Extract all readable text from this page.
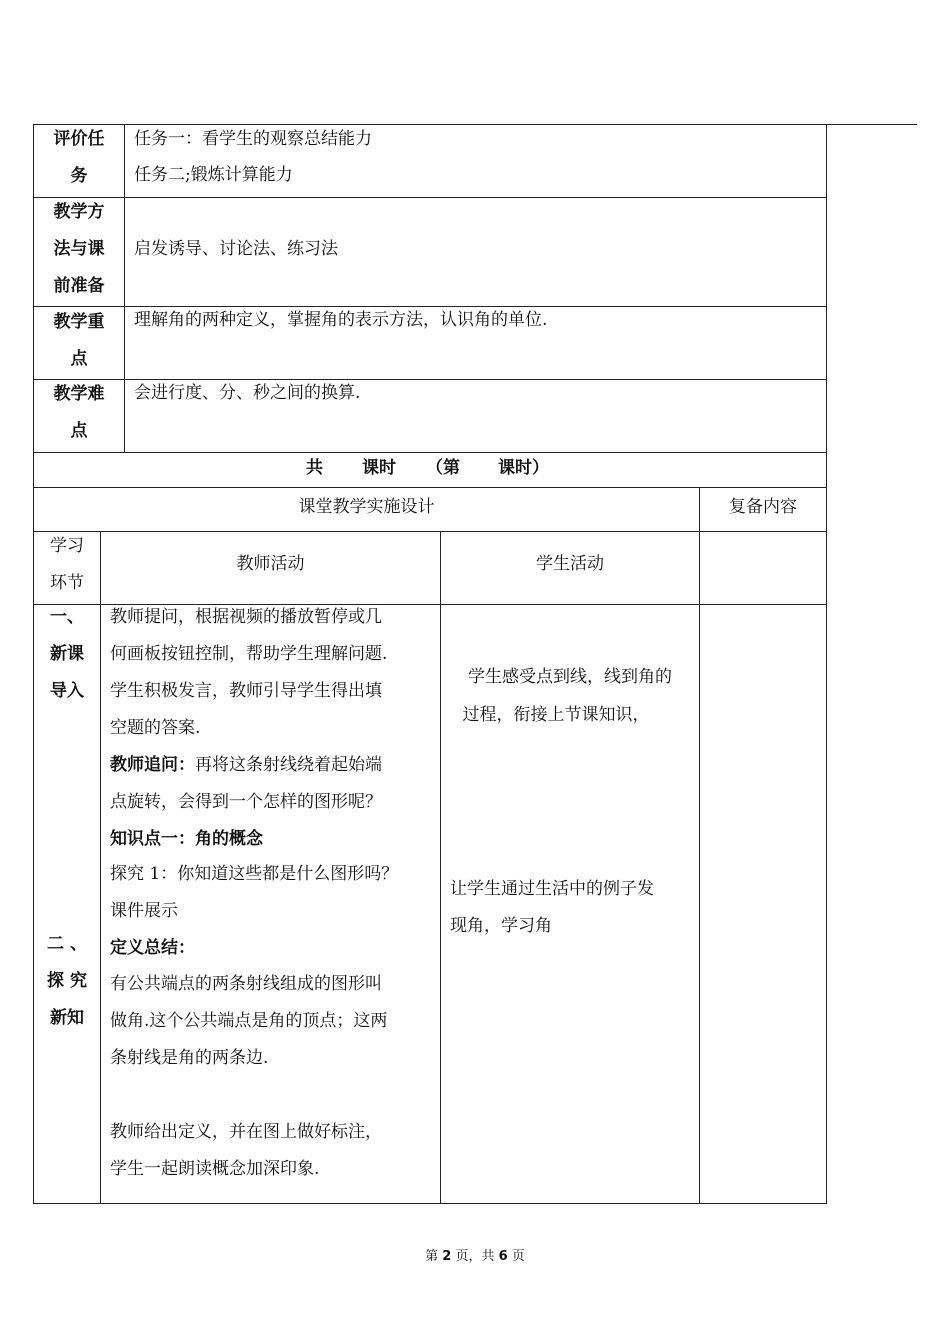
评价任
务
任务一：看学生的观察总结能力
任务二;锻炼计算能力
教学方
法与课
前准备
启发诱导、讨论法、练习法
教学重
点
理解角的两种定义，掌握角的表示方法，认识角的单位.
教学难
点
会进行度、分、秒之间的换算.
共 课时 （第 课时）
课堂教学实施设计	复备内容
学习
环节
教师活动	学生活动
一、
新课
导入
二 、
探 究
新知
教师提问，根据视频的播放暂停或几
何画板按钮控制，帮助学生理解问题.
学生积极发言，教师引导学生得出填
空题的答案.
教师追问：再将这条射线绕着起始端
点旋转，会得到一个怎样的图形呢？
知识点一：角的概念
探究 1：你知道这些都是什么图形吗？
课件展示
定义总结：
有公共端点的两条射线组成的图形叫
做角.这个公共端点是角的顶点；这两
条射线是角的两条边.
教师给出定义，并在图上做好标注，
学生一起朗读概念加深印象.
学生感受点到线，线到角的
过程，衔接上节课知识，
让学生通过生活中的例子发
现角，学习角
第 2 页，共 6 页
